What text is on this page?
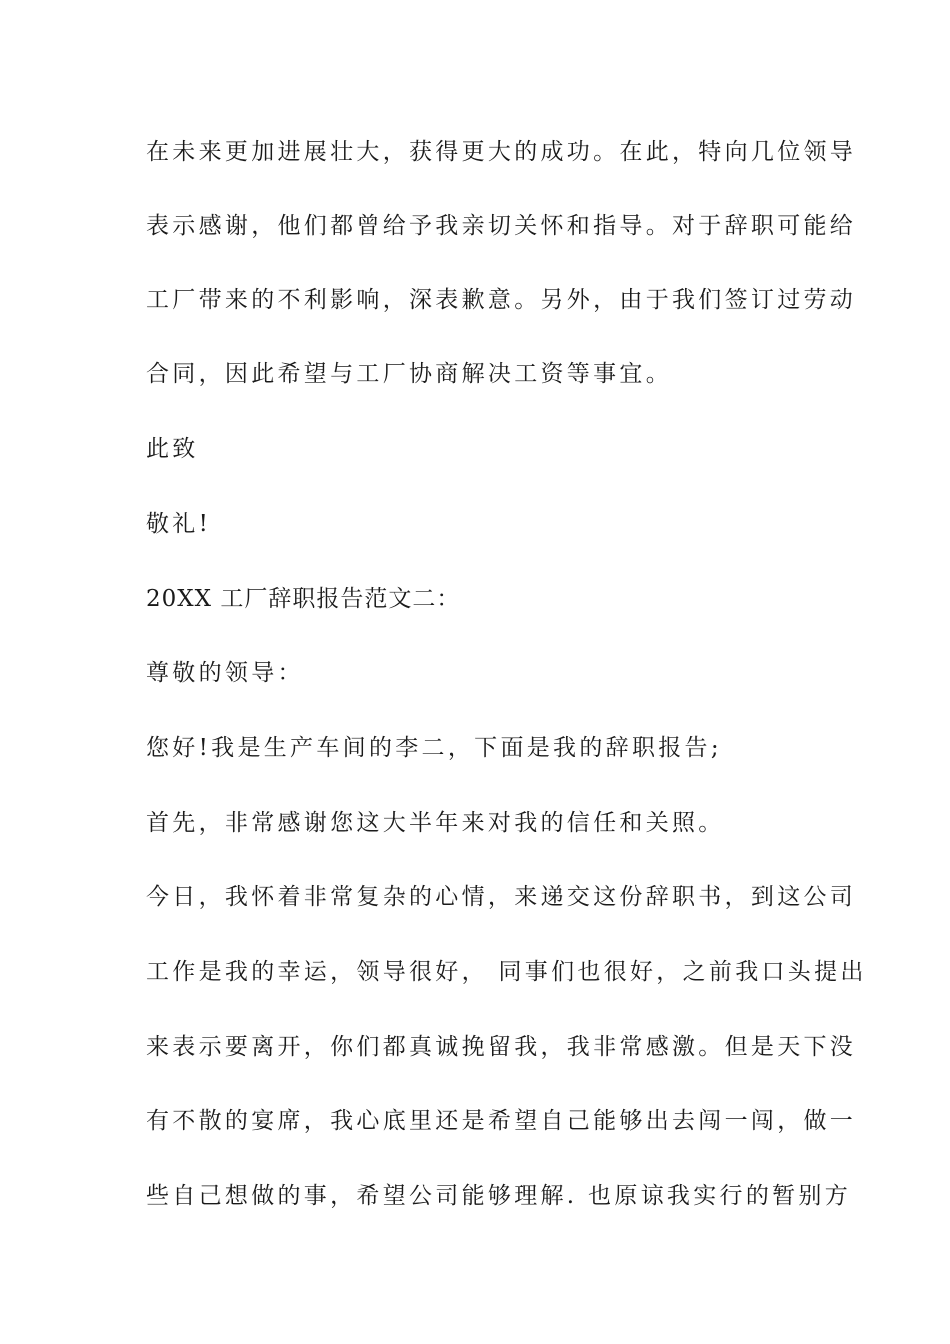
在未来更加进展壮大，获得更大的成功。在此，特向几位领导

表示感谢，他们都曾给予我亲切关怀和指导。对于辞职可能给

工厂带来的不利影响，深表歉意。另外，由于我们签订过劳动

合同，因此希望与工厂协商解决工资等事宜。

此致

敬礼!

20XX 工厂辞职报告范文二：

尊敬的领导：

您好!我是生产车间的李二，下面是我的辞职报告;

首先，非常感谢您这大半年来对我的信任和关照。

今日，我怀着非常复杂的心情，来递交这份辞职书，到这公司

工作是我的幸运，领导很好， 同事们也很好，之前我口头提出

来表示要离开，你们都真诚挽留我，我非常感激。但是天下没

有不散的宴席，我心底里还是希望自己能够出去闯一闯，做一

些自己想做的事，希望公司能够理解. 也原谅我实行的暂别方
